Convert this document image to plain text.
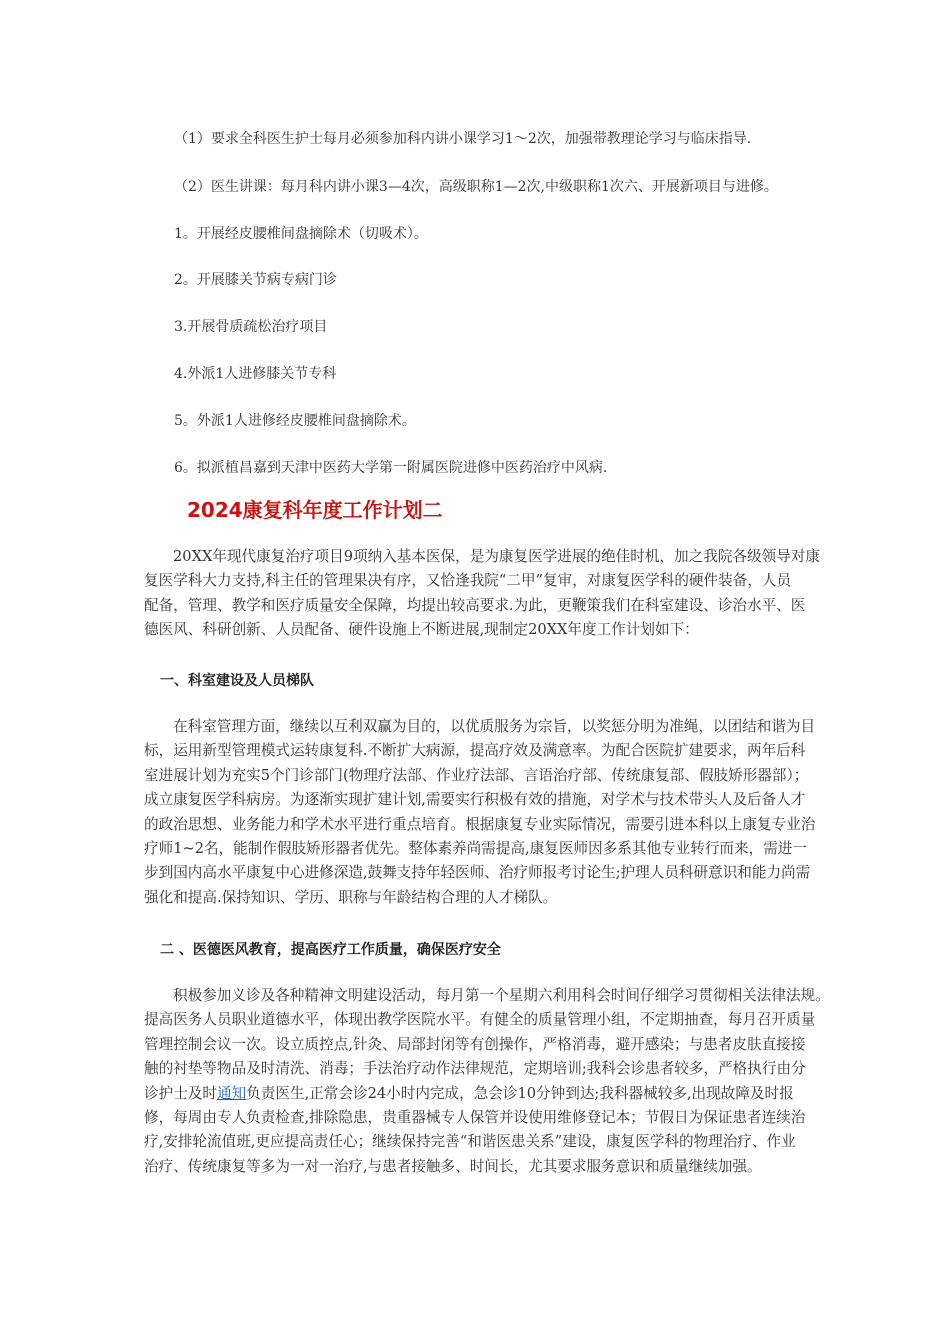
（1）要求全科医生护士每月必须参加科内讲小课学习1～2次，加强带教理论学习与临床指导.
（2）医生讲课：每月科内讲小课3—4次，高级职称1—2次,中级职称1次六、开展新项目与进修。
1。开展经皮腰椎间盘摘除术（切吸术）。
2。开展膝关节病专病门诊
3.开展骨质疏松治疗项目
4.外派1人进修膝关节专科
5。外派1人进修经皮腰椎间盘摘除术。
6。拟派植昌嘉到天津中医药大学第一附属医院进修中医药治疗中风病.
2024康复科年度工作计划二

20XX年现代康复治疗项目9项纳入基本医保，是为康复医学进展的绝佳时机，加之我院各级领导对康

复医学科大力支持,科主任的管理果决有序，又恰逢我院“二甲”复审，对康复医学科的硬件装备，人员

配备，管理、教学和医疗质量安全保障，均提出较高要求.为此，更鞭策我们在科室建设、诊治水平、医

德医风、科研创新、人员配备、硬件设施上不断进展,现制定20XX年度工作计划如下：

一、科室建设及人员梯队

在科室管理方面，继续以互利双赢为目的，以优质服务为宗旨，以奖惩分明为准绳，以团结和谐为目

标，运用新型管理模式运转康复科.不断扩大病源，提高疗效及满意率。为配合医院扩建要求，两年后科

室进展计划为充实5个门诊部门(物理疗法部、作业疗法部、言语治疗部、传统康复部、假肢矫形器部）；

成立康复医学科病房。为逐渐实现扩建计划,需要实行积极有效的措施，对学术与技术带头人及后备人才

的政治思想、业务能力和学术水平进行重点培育。根据康复专业实际情况，需要引进本科以上康复专业治

疗师1~2名，能制作假肢矫形器者优先。整体素养尚需提高,康复医师因多系其他专业转行而来，需进一

步到国内高水平康复中心进修深造,鼓舞支持年轻医师、治疗师报考讨论生;护理人员科研意识和能力尚需

强化和提高.保持知识、学历、职称与年龄结构合理的人才梯队。

二 、医德医风教育，提高医疗工作质量，确保医疗安全

积极参加义诊及各种精神文明建设活动，每月第一个星期六利用科会时间仔细学习贯彻相关法律法规。

提高医务人员职业道德水平，体现出教学医院水平。有健全的质量管理小组，不定期抽查，每月召开质量

管理控制会议一次。设立质控点,针灸、局部封闭等有创操作，严格消毒，避开感染；与患者皮肤直接接

触的衬垫等物品及时清洗、消毒；手法治疗动作法律规范，定期培训;我科会诊患者较多，严格执行由分

诊护士及时通知负责医生,正常会诊24小时内完成，急会诊10分钟到达;我科器械较多,出现故障及时报

修，每周由专人负责检查,排除隐患，贵重器械专人保管并设使用维修登记本；节假日为保证患者连续治

疗,安排轮流值班,更应提高责任心；继续保持完善“和谐医患关系”建设，康复医学科的物理治疗、作业

治疗、传统康复等多为一对一治疗,与患者接触多、时间长，尤其要求服务意识和质量继续加强。
